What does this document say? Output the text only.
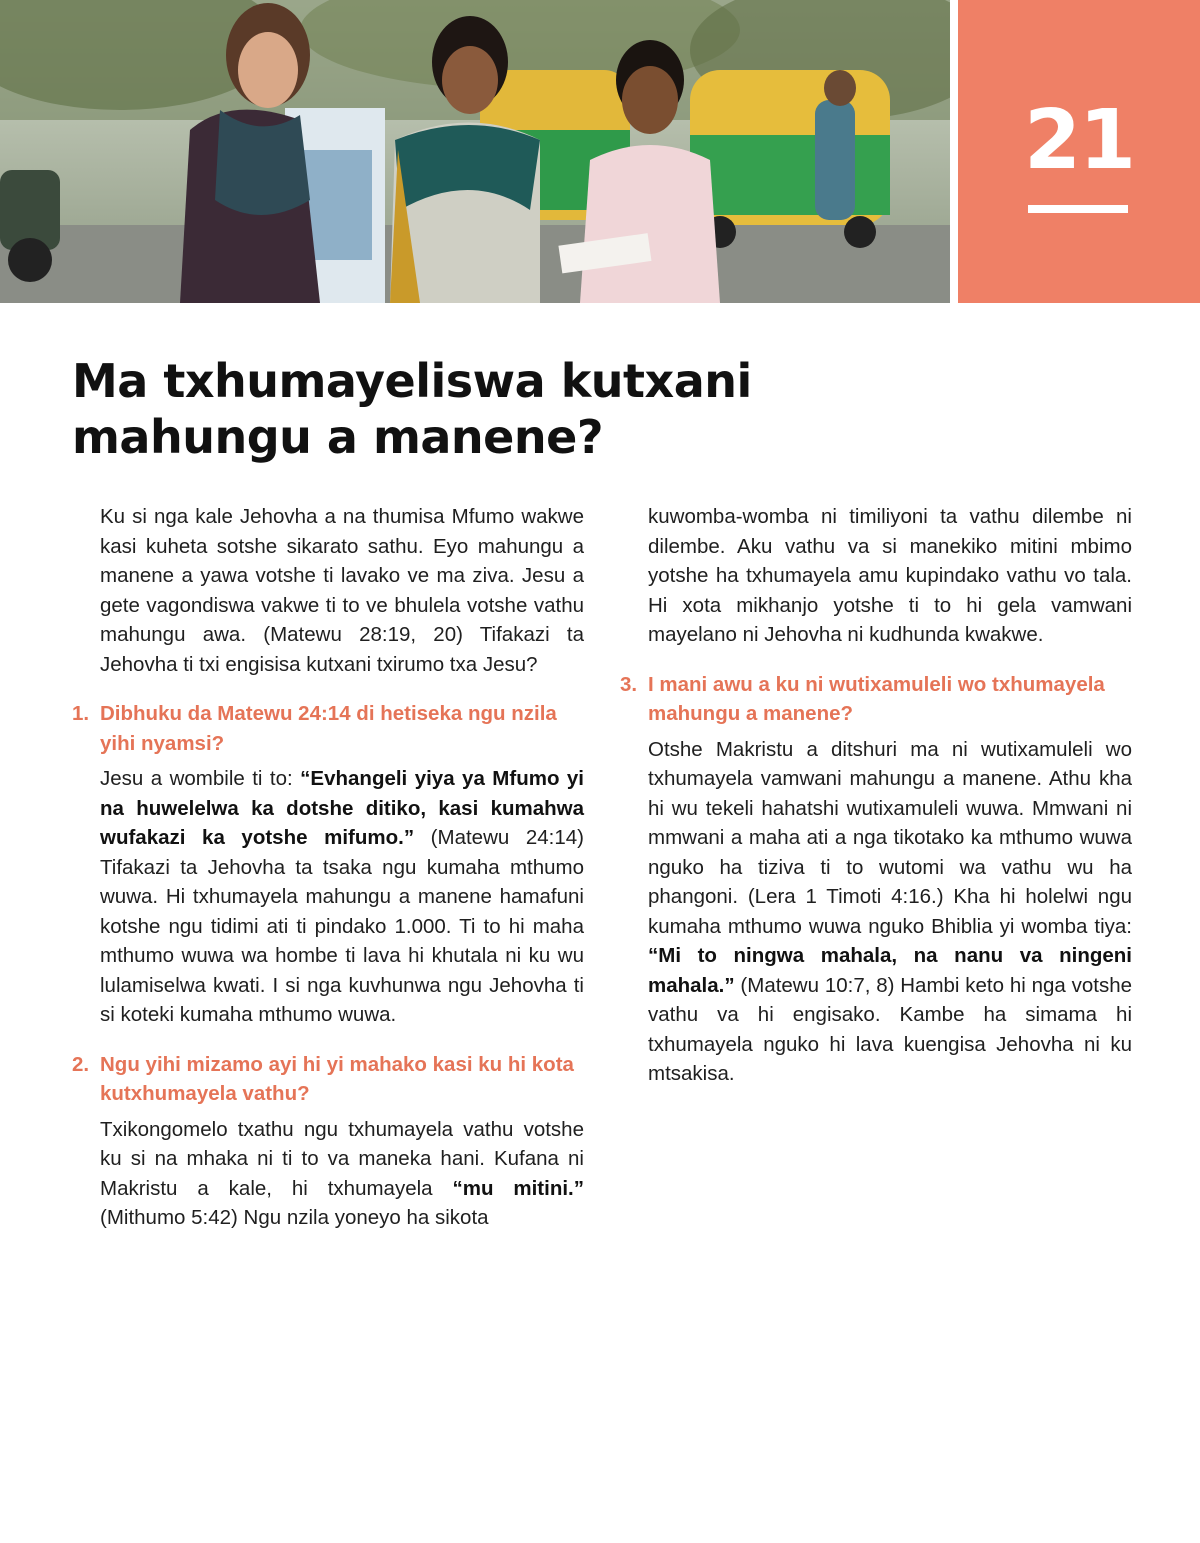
21
Ma txhumayeliswa kutxani mahungu a manene?

Ku si nga kale Jehovha a na thumisa Mfumo wakwe kasi kuheta sotshe sikarato sathu. Eyo mahungu a manene a yawa votshe ti lavako ve ma ziva. Jesu a gete vagondiswa vakwe ti to ve bhulela votshe vathu mahungu awa. (Matewu 28:19, 20) Tifakazi ta Jehovha ti txi engisisa kutxani txirumo txa Jesu?

1. Dibhuku da Matewu 24:14 di hetiseka ngu nzila yihi nyamsi?

Jesu a wombile ti to: “Evhangeli yiya ya Mfumo yi na huwelelwa ka dotshe ditiko, kasi kumahwa wufakazi ka yotshe mifumo.” (Matewu 24:14) Tifakazi ta Jehovha ta tsaka ngu kumaha mthumo wuwa. Hi txhumayela mahungu a manene hamafuni kotshe ngu tidimi ati ti pindako 1.000. Ti to hi maha mthumo wuwa wa hombe ti lava hi khutala ni ku wu lulamiselwa kwati. I si nga kuvhunwa ngu Jehovha ti si koteki kumaha mthumo wuwa.

2. Ngu yihi mizamo ayi hi yi mahako kasi ku hi kota kutxhumayela vathu?

Txikongomelo txathu ngu txhumayela vathu votshe ku si na mhaka ni ti to va maneka hani. Kufana ni Makristu a kale, hi txhumayela “mu mitini.” (Mithumo 5:42) Ngu nzila yoneyo ha sikota

kuwomba-womba ni timiliyoni ta vathu dilembe ni dilembe. Aku vathu va si manekiko mitini mbimo yotshe ha txhumayela amu kupindako vathu vo tala. Hi xota mikhanjo yotshe ti to hi gela vamwani mayelano ni Jehovha ni kudhunda kwakwe.

3. I mani awu a ku ni wutixamuleli wo txhumayela mahungu a manene?

Otshe Makristu a ditshuri ma ni wutixamuleli wo txhumayela vamwani mahungu a manene. Athu kha hi wu tekeli hahatshi wutixamuleli wuwa. Mmwani ni mmwani a maha ati a nga tikotako ka mthumo wuwa nguko ha tiziva ti to wutomi wa vathu wu ha phangoni. (Lera 1 Timoti 4:16.) Kha hi holelwi ngu kumaha mthumo wuwa nguko Bhiblia yi womba tiya: “Mi to ningwa mahala, na nanu va ningeni mahala.” (Matewu 10:7, 8) Hambi keto hi nga votshe vathu va hi engisako. Kambe ha simama hi txhumayela nguko hi lava kuengisa Jehovha ni ku mtsakisa.
